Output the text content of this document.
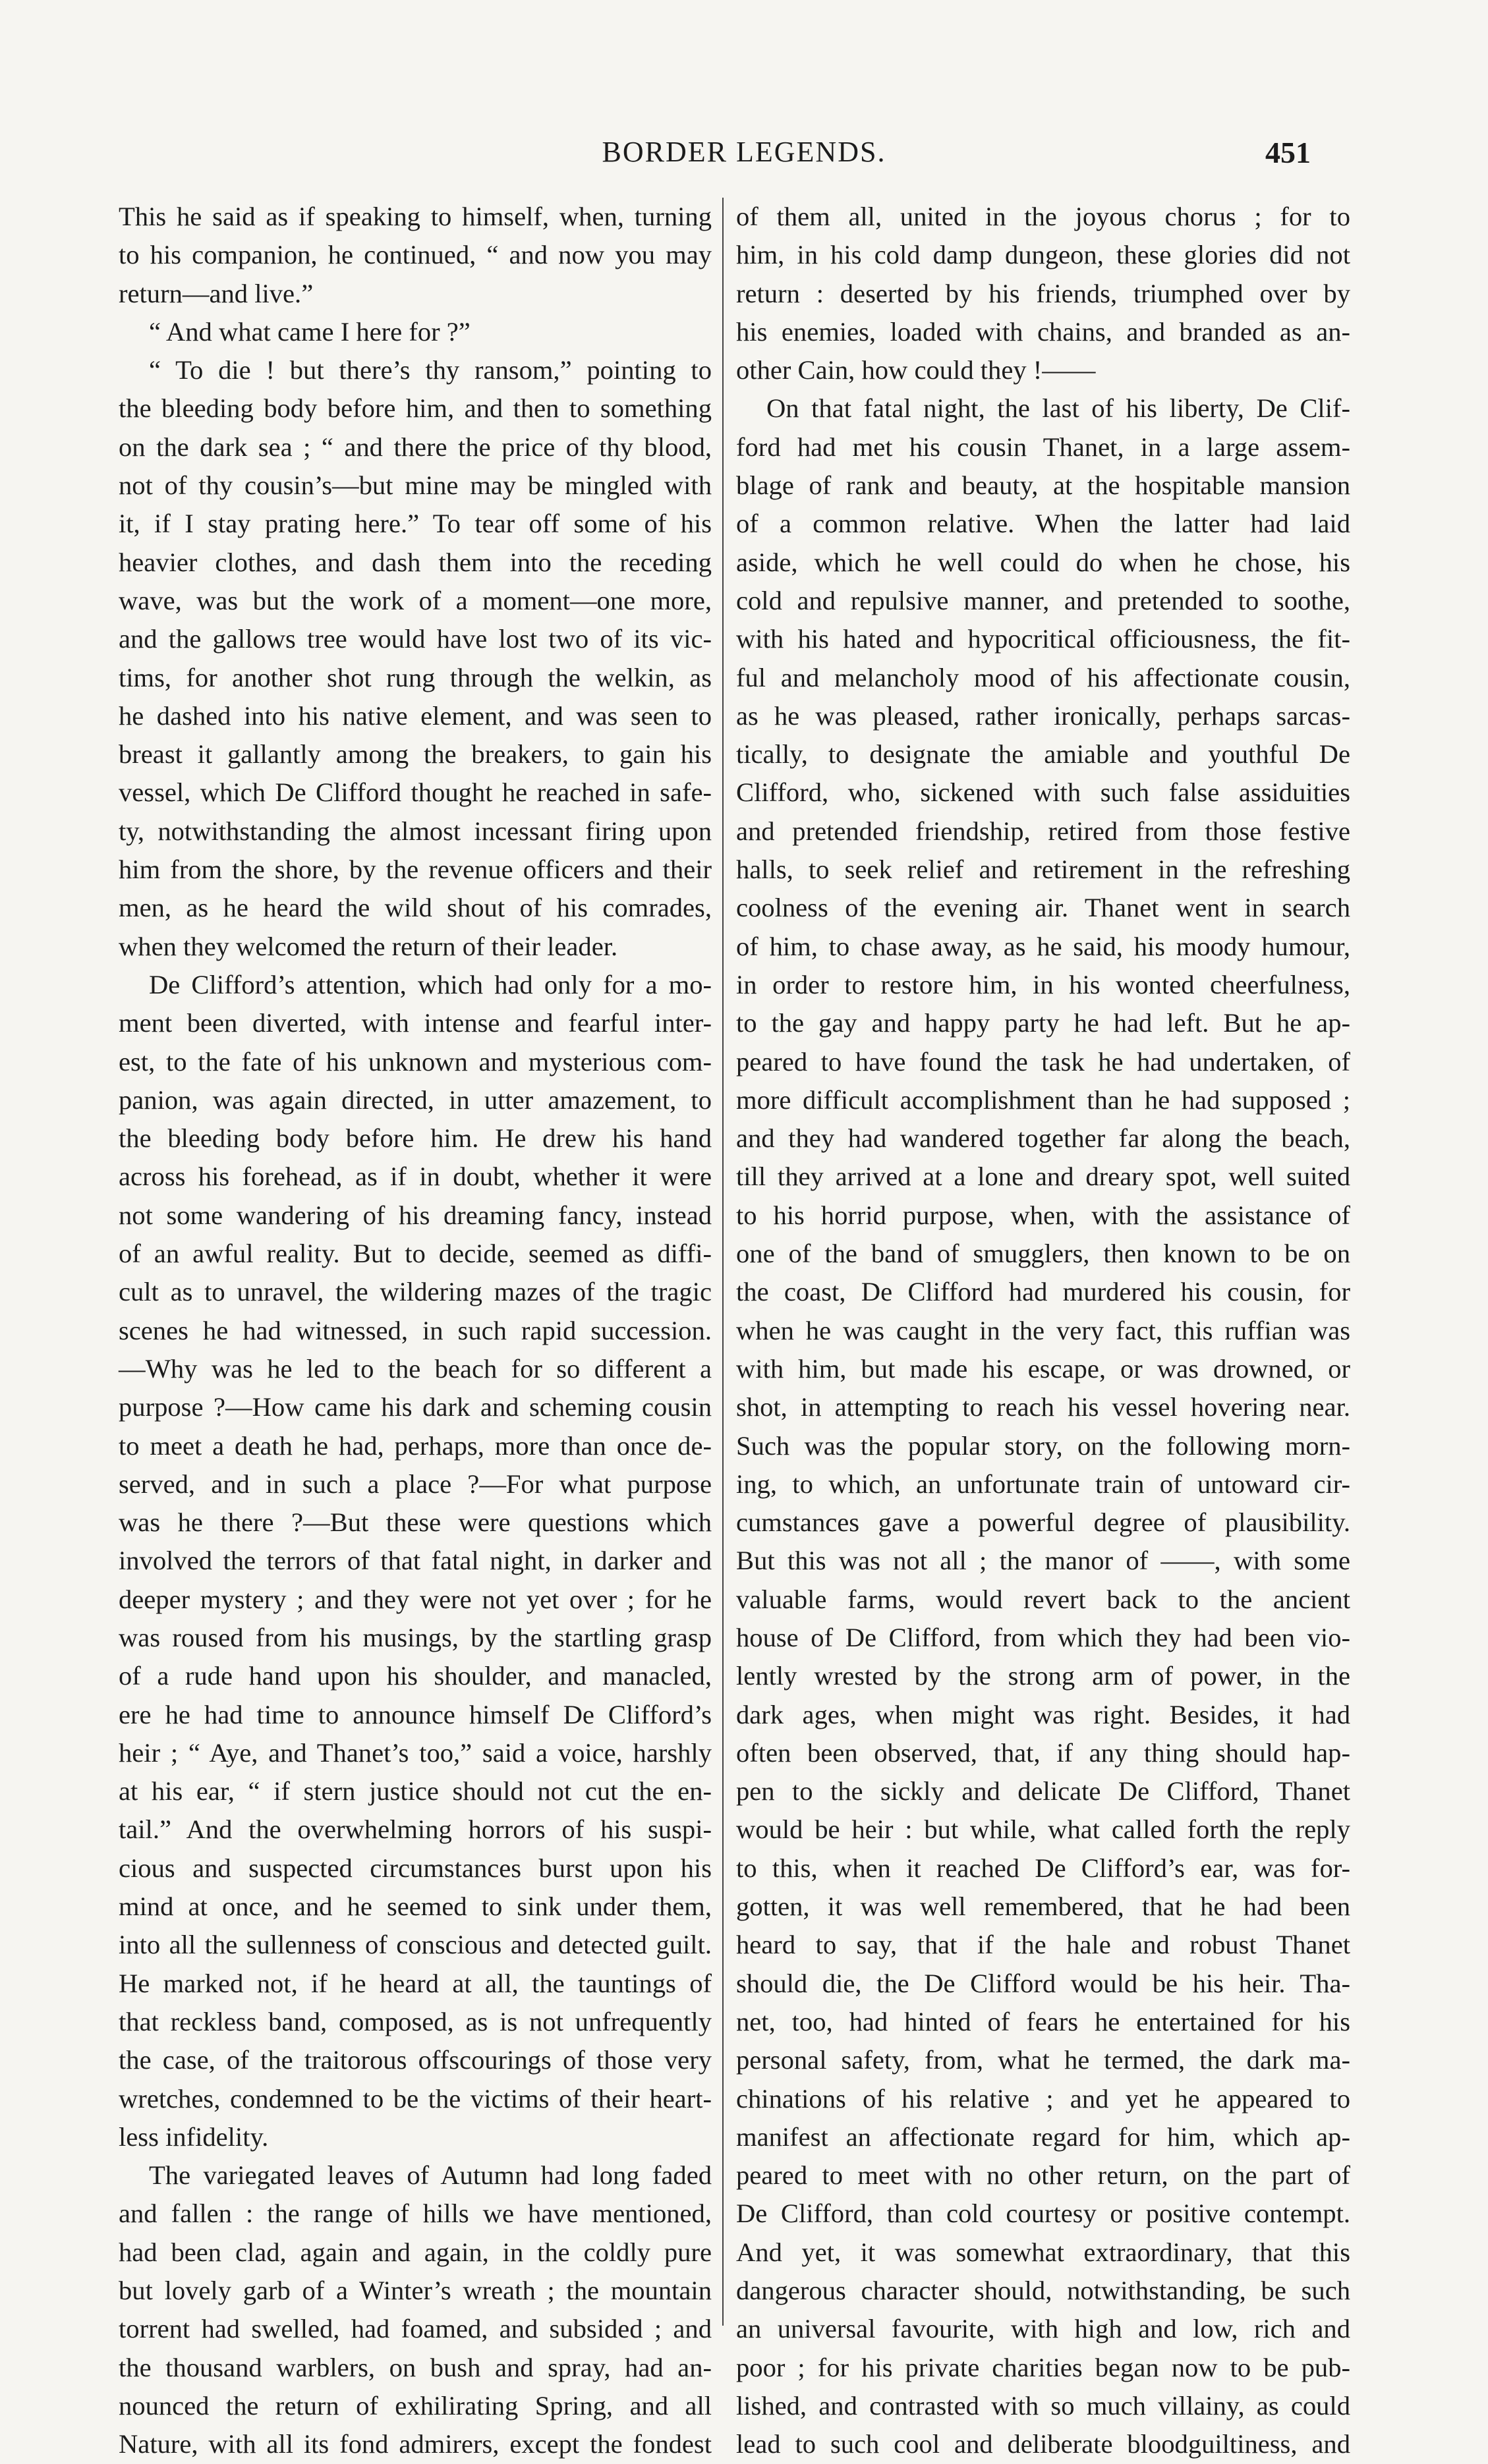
BORDER LEGENDS.	451
This he said as if speaking to himself, when, turning
to his companion, he continued, “ and now you may
return—and live.”
“ And what came I here for ?”
“ To die ! but there’s thy ransom,” pointing to
the bleeding body before him, and then to something
on the dark sea ; “ and there the price of thy blood,
not of thy cousin’s—but mine may be mingled with
it, if I stay prating here.” To tear off some of his
heavier clothes, and dash them into the receding
wave, was but the work of a moment—one more,
and the gallows tree would have lost two of its vic-
tims, for another shot rung through the welkin, as
he dashed into his native element, and was seen to
breast it gallantly among the breakers, to gain his
vessel, which De Clifford thought he reached in safe-
ty, notwithstanding the almost incessant firing upon
him from the shore, by the revenue officers and their
men, as he heard the wild shout of his comrades,
when they welcomed the return of their leader.
De Clifford’s attention, which had only for a mo-
ment been diverted, with intense and fearful inter-
est, to the fate of his unknown and mysterious com-
panion, was again directed, in utter amazement, to
the bleeding body before him. He drew his hand
across his forehead, as if in doubt, whether it were
not some wandering of his dreaming fancy, instead
of an awful reality. But to decide, seemed as diffi-
cult as to unravel, the wildering mazes of the tragic
scenes he had witnessed, in such rapid succession.
—Why was he led to the beach for so different a
purpose ?—How came his dark and scheming cousin
to meet a death he had, perhaps, more than once de-
served, and in such a place ?—For what purpose
was he there ?—But these were questions which
involved the terrors of that fatal night, in darker and
deeper mystery ; and they were not yet over ; for he
was roused from his musings, by the startling grasp
of a rude hand upon his shoulder, and manacled,
ere he had time to announce himself De Clifford’s
heir ; “ Aye, and Thanet’s too,” said a voice, harshly
at his ear, “ if stern justice should not cut the en-
tail.” And the overwhelming horrors of his suspi-
cious and suspected circumstances burst upon his
mind at once, and he seemed to sink under them,
into all the sullenness of conscious and detected guilt.
He marked not, if he heard at all, the tauntings of
that reckless band, composed, as is not unfrequently
the case, of the traitorous offscourings of those very
wretches, condemned to be the victims of their heart-
less infidelity.
The variegated leaves of Autumn had long faded
and fallen : the range of hills we have mentioned,
had been clad, again and again, in the coldly pure
but lovely garb of a Winter’s wreath ; the mountain
torrent had swelled, had foamed, and subsided ; and
the thousand warblers, on bush and spray, had an-
nounced the return of exhilirating Spring, and all
Nature, with all its fond admirers, except the fondest
of them all, united in the joyous chorus ; for to
him, in his cold damp dungeon, these glories did not
return : deserted by his friends, triumphed over by
his enemies, loaded with chains, and branded as an-
other Cain, how could they !——
On that fatal night, the last of his liberty, De Clif-
ford had met his cousin Thanet, in a large assem-
blage of rank and beauty, at the hospitable mansion
of a common relative. When the latter had laid
aside, which he well could do when he chose, his
cold and repulsive manner, and pretended to soothe,
with his hated and hypocritical officiousness, the fit-
ful and melancholy mood of his affectionate cousin,
as he was pleased, rather ironically, perhaps sarcas-
tically, to designate the amiable and youthful De
Clifford, who, sickened with such false assiduities
and pretended friendship, retired from those festive
halls, to seek relief and retirement in the refreshing
coolness of the evening air. Thanet went in search
of him, to chase away, as he said, his moody humour,
in order to restore him, in his wonted cheerfulness,
to the gay and happy party he had left. But he ap-
peared to have found the task he had undertaken, of
more difficult accomplishment than he had supposed ;
and they had wandered together far along the beach,
till they arrived at a lone and dreary spot, well suited
to his horrid purpose, when, with the assistance of
one of the band of smugglers, then known to be on
the coast, De Clifford had murdered his cousin, for
when he was caught in the very fact, this ruffian was
with him, but made his escape, or was drowned, or
shot, in attempting to reach his vessel hovering near.
Such was the popular story, on the following morn-
ing, to which, an unfortunate train of untoward cir-
cumstances gave a powerful degree of plausibility.
But this was not all ; the manor of ——, with some
valuable farms, would revert back to the ancient
house of De Clifford, from which they had been vio-
lently wrested by the strong arm of power, in the
dark ages, when might was right. Besides, it had
often been observed, that, if any thing should hap-
pen to the sickly and delicate De Clifford, Thanet
would be heir : but while, what called forth the reply
to this, when it reached De Clifford’s ear, was for-
gotten, it was well remembered, that he had been
heard to say, that if the hale and robust Thanet
should die, the De Clifford would be his heir. Tha-
net, too, had hinted of fears he entertained for his
personal safety, from, what he termed, the dark ma-
chinations of his relative ; and yet he appeared to
manifest an affectionate regard for him, which ap-
peared to meet with no other return, on the part of
De Clifford, than cold courtesy or positive contempt.
And yet, it was somewhat extraordinary, that this
dangerous character should, notwithstanding, be such
an universal favourite, with high and low, rich and
poor ; for his private charities began now to be pub-
lished, and contrasted with so much villainy, as could
lead to such cool and deliberate bloodguiltiness, and
